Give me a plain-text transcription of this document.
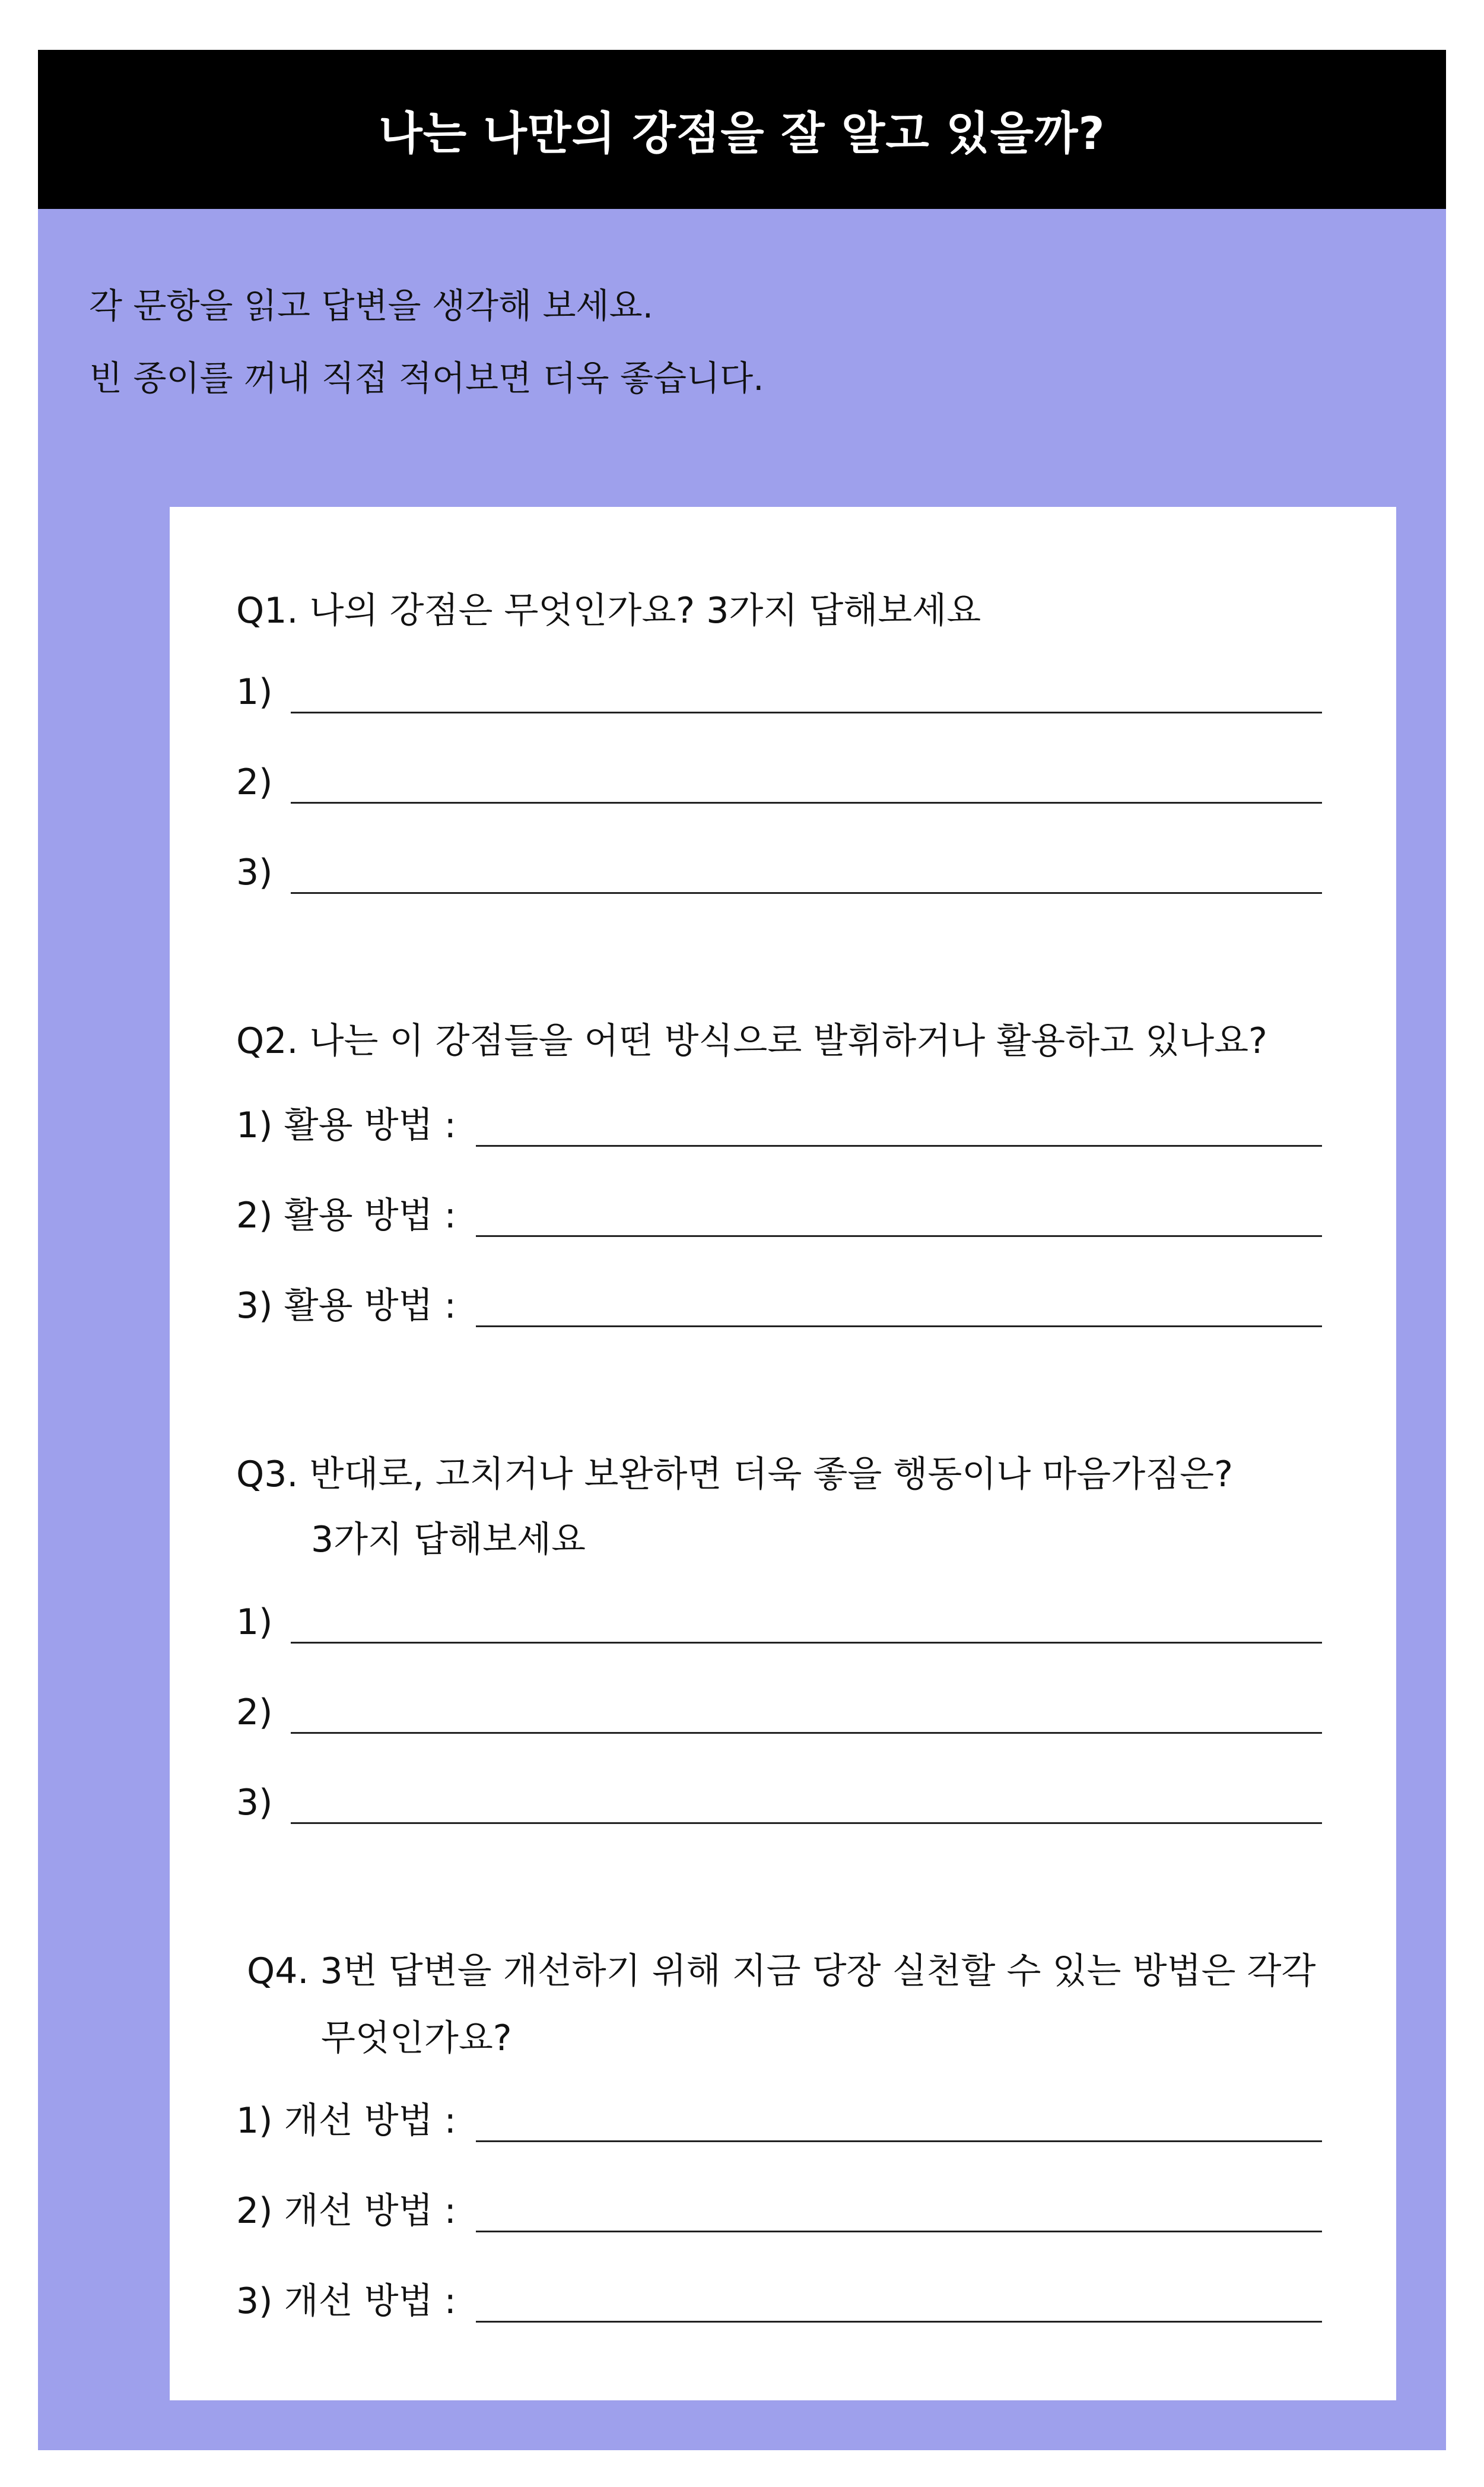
나는 나만의 강점을 잘 알고 있을까?
각 문항을 읽고 답변을 생각해 보세요.
빈 종이를 꺼내 직접 적어보면 더욱 좋습니다.
Q1. 나의 강점은 무엇인가요? 3가지 답해보세요
1)
2)
3)
Q2. 나는 이 강점들을 어떤 방식으로 발휘하거나 활용하고 있나요?
1) 활용 방법 :
2) 활용 방법 :
3) 활용 방법 :
Q3. 반대로, 고치거나 보완하면 더욱 좋을 행동이나 마음가짐은?
3가지 답해보세요
1)
2)
3)
Q4. 3번 답변을 개선하기 위해 지금 당장 실천할 수 있는 방법은 각각
무엇인가요?
1) 개선 방법 :
2) 개선 방법 :
3) 개선 방법 :
